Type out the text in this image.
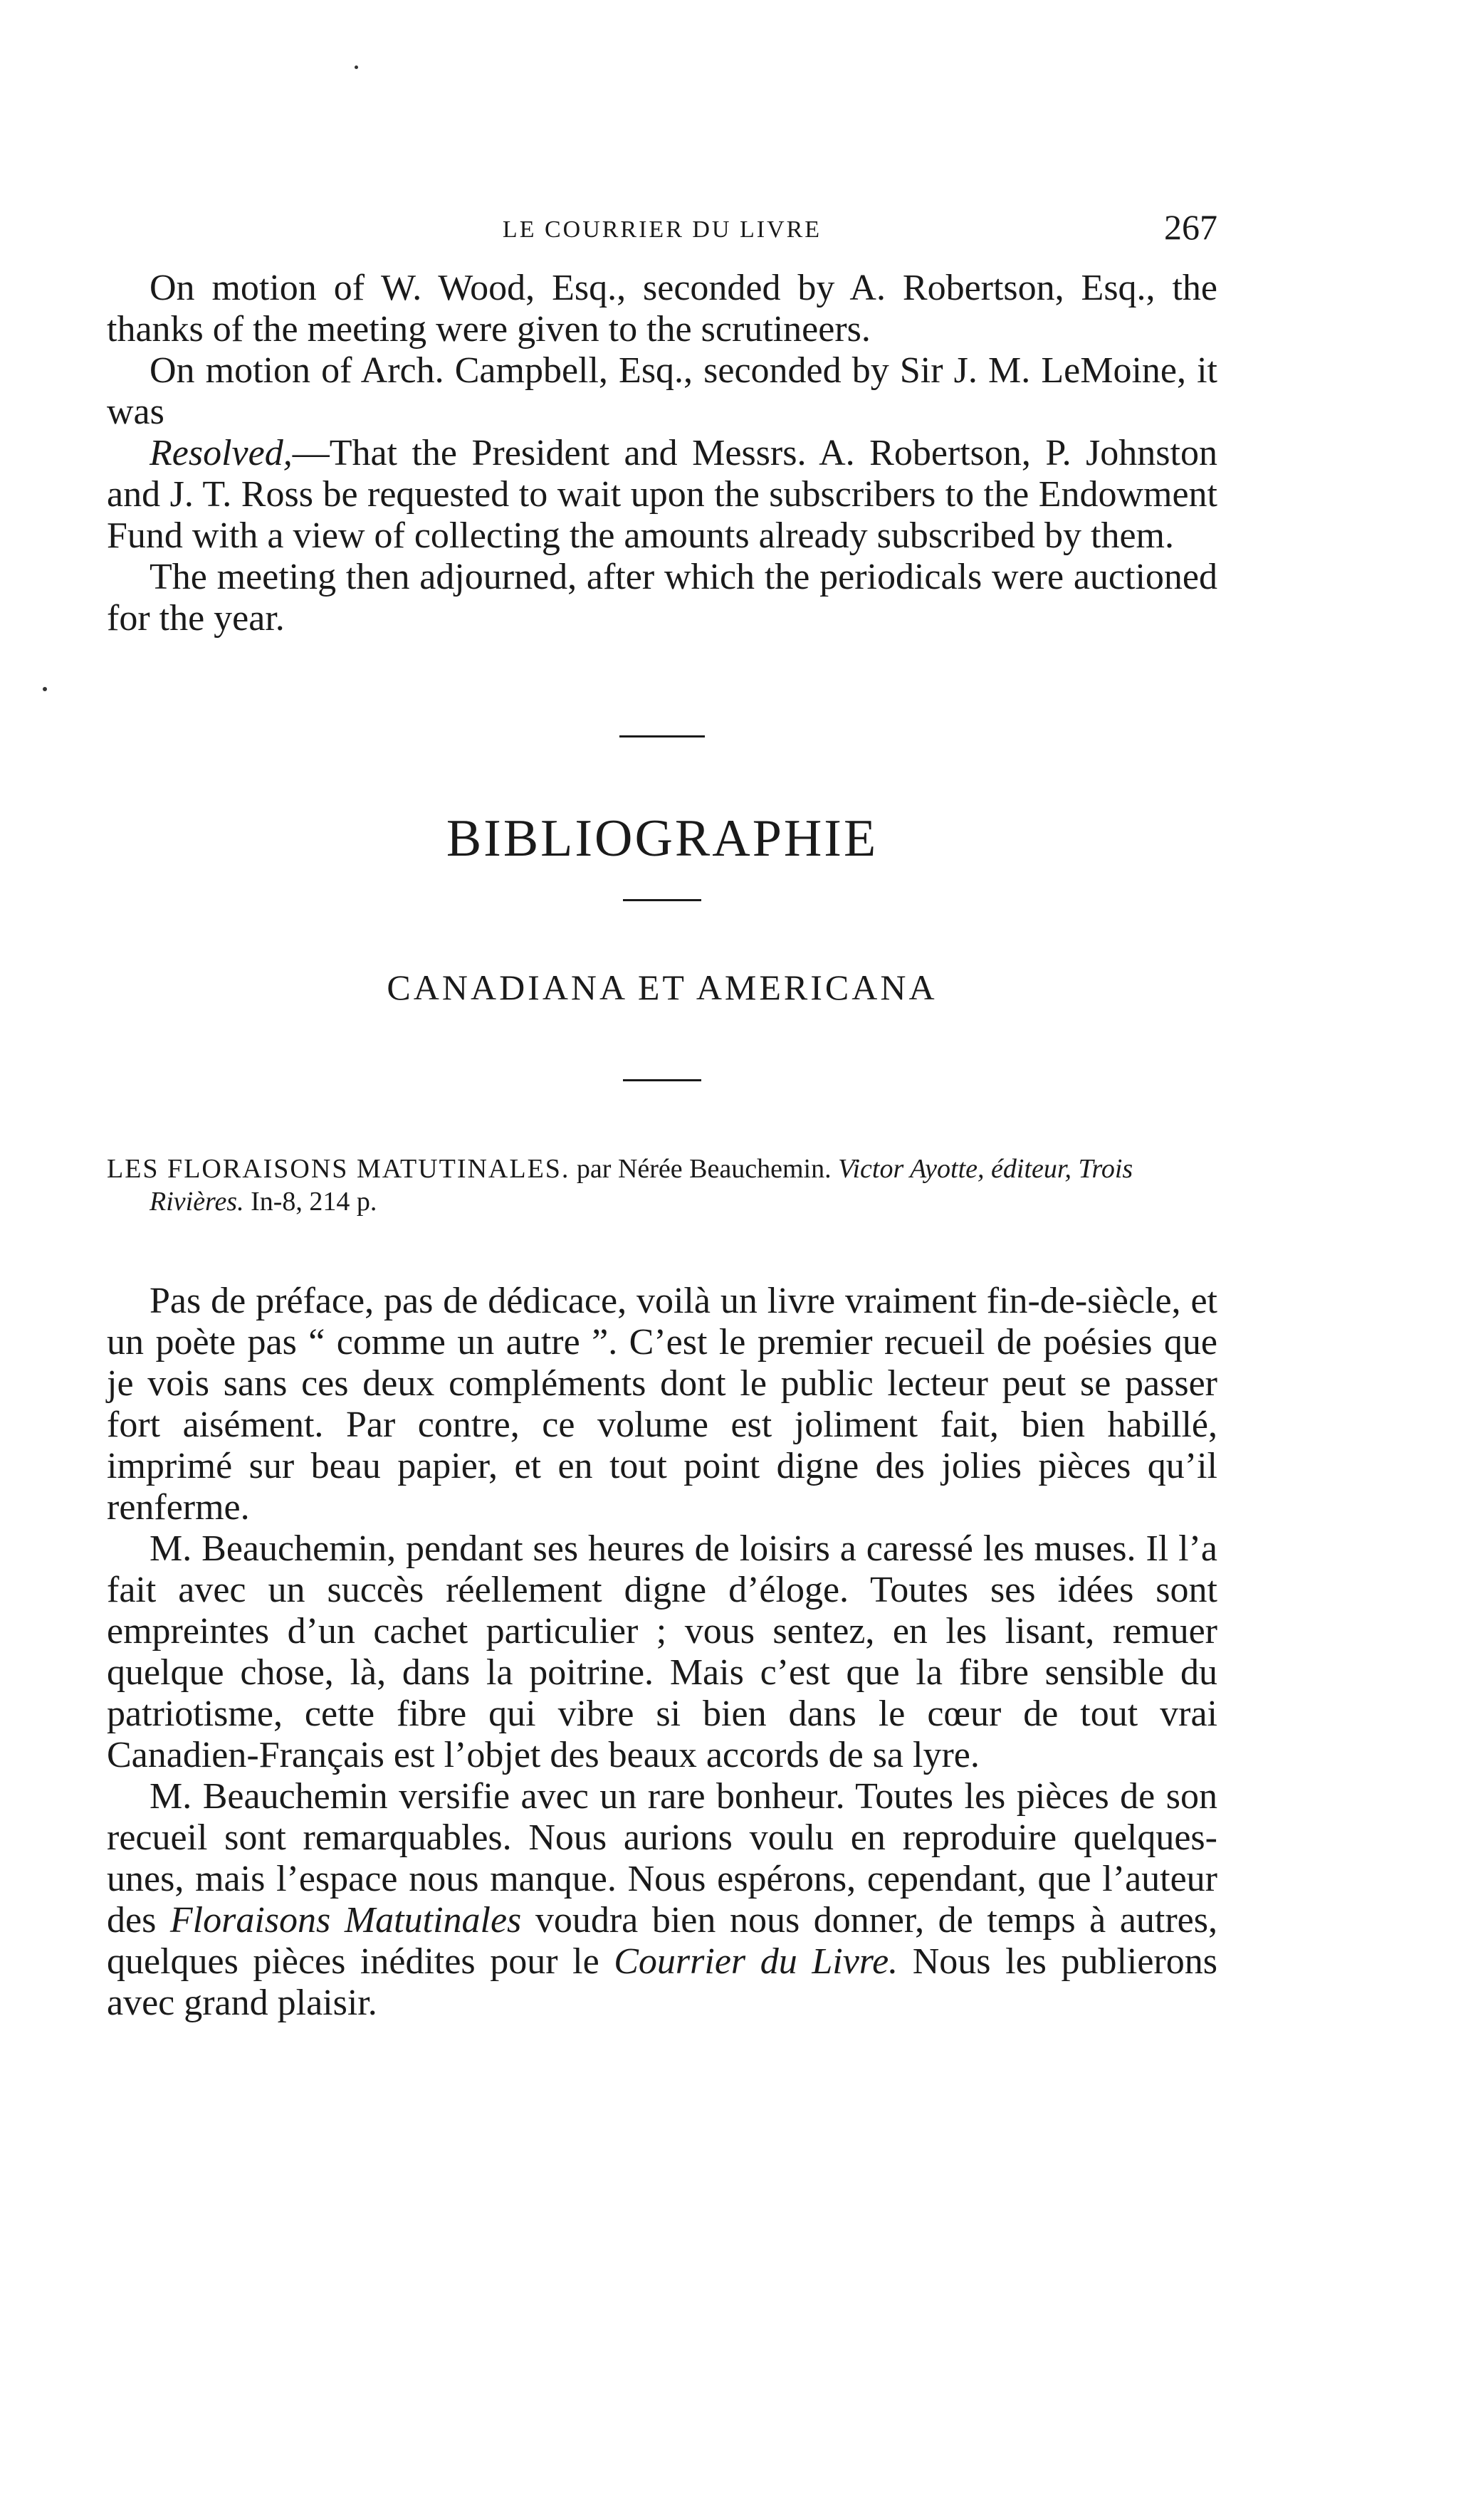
LE COURRIER DU LIVRE	267

On motion of W. Wood, Esq., seconded by A. Robertson, Esq., the thanks of the meeting were given to the scrutineers.

On motion of Arch. Campbell, Esq., seconded by Sir J. M. LeMoine, it was

Resolved,—That the President and Messrs. A. Robertson, P. Johnston and J. T. Ross be requested to wait upon the subscribers to the Endowment Fund with a view of collecting the amounts already subscribed by them.

The meeting then adjourned, after which the periodicals were auctioned for the year.

BIBLIOGRAPHIE
CANADIANA ET AMERICANA
LES FLORAISONS MATUTINALES. par Nérée Beauchemin. Victor Ayotte, éditeur, Trois Rivières. In-8, 214 p.

Pas de préface, pas de dédicace, voilà un livre vraiment fin-de-siècle, et un poète pas “ comme un autre ”. C’est le premier recueil de poésies que je vois sans ces deux compléments dont le public lecteur peut se passer fort aisément. Par contre, ce volume est joliment fait, bien habillé, imprimé sur beau papier, et en tout point digne des jolies pièces qu’il renferme.

M. Beauchemin, pendant ses heures de loisirs a caressé les muses. Il l’a fait avec un succès réellement digne d’éloge. Toutes ses idées sont empreintes d’un cachet particulier ; vous sentez, en les lisant, remuer quelque chose, là, dans la poitrine. Mais c’est que la fibre sensible du patriotisme, cette fibre qui vibre si bien dans le cœur de tout vrai Canadien-Français est l’objet des beaux accords de sa lyre.

M. Beauchemin versifie avec un rare bonheur. Toutes les pièces de son recueil sont remarquables. Nous aurions voulu en reproduire quelques-unes, mais l’espace nous manque. Nous espérons, cependant, que l’auteur des Floraisons Matutinales voudra bien nous donner, de temps à autres, quelques pièces inédites pour le Courrier du Livre. Nous les publierons avec grand plaisir.
